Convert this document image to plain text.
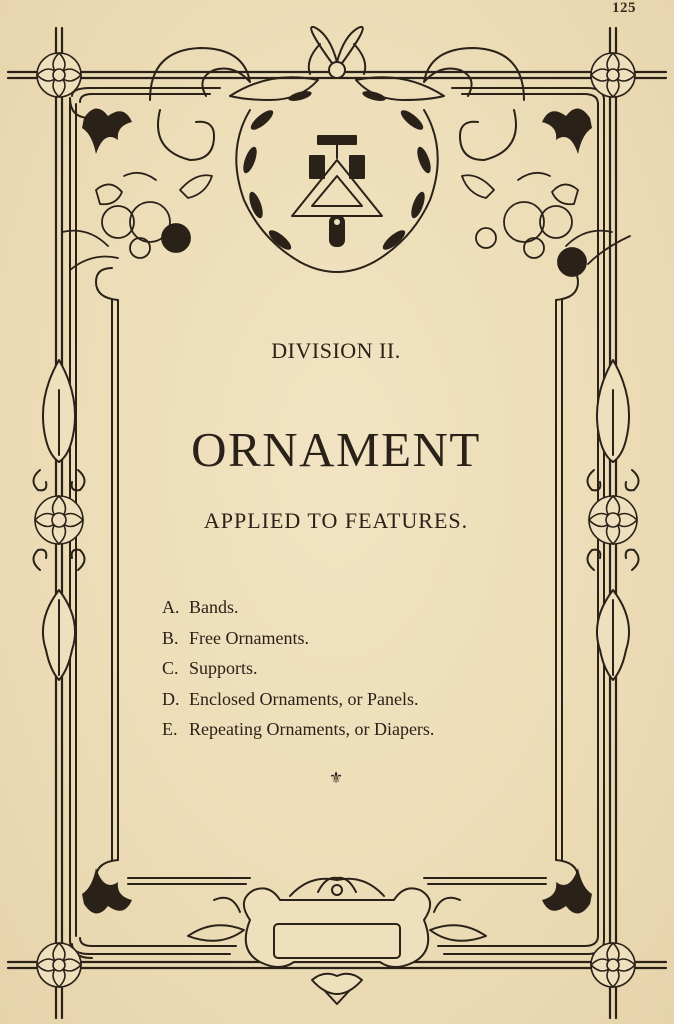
125
DIVISION II.
ORNAMENT
APPLIED TO FEATURES.
A. Bands.
B. Free Ornaments.
C. Supports.
D. Enclosed Ornaments, or Panels.
E. Repeating Ornaments, or Diapers.
⚜
